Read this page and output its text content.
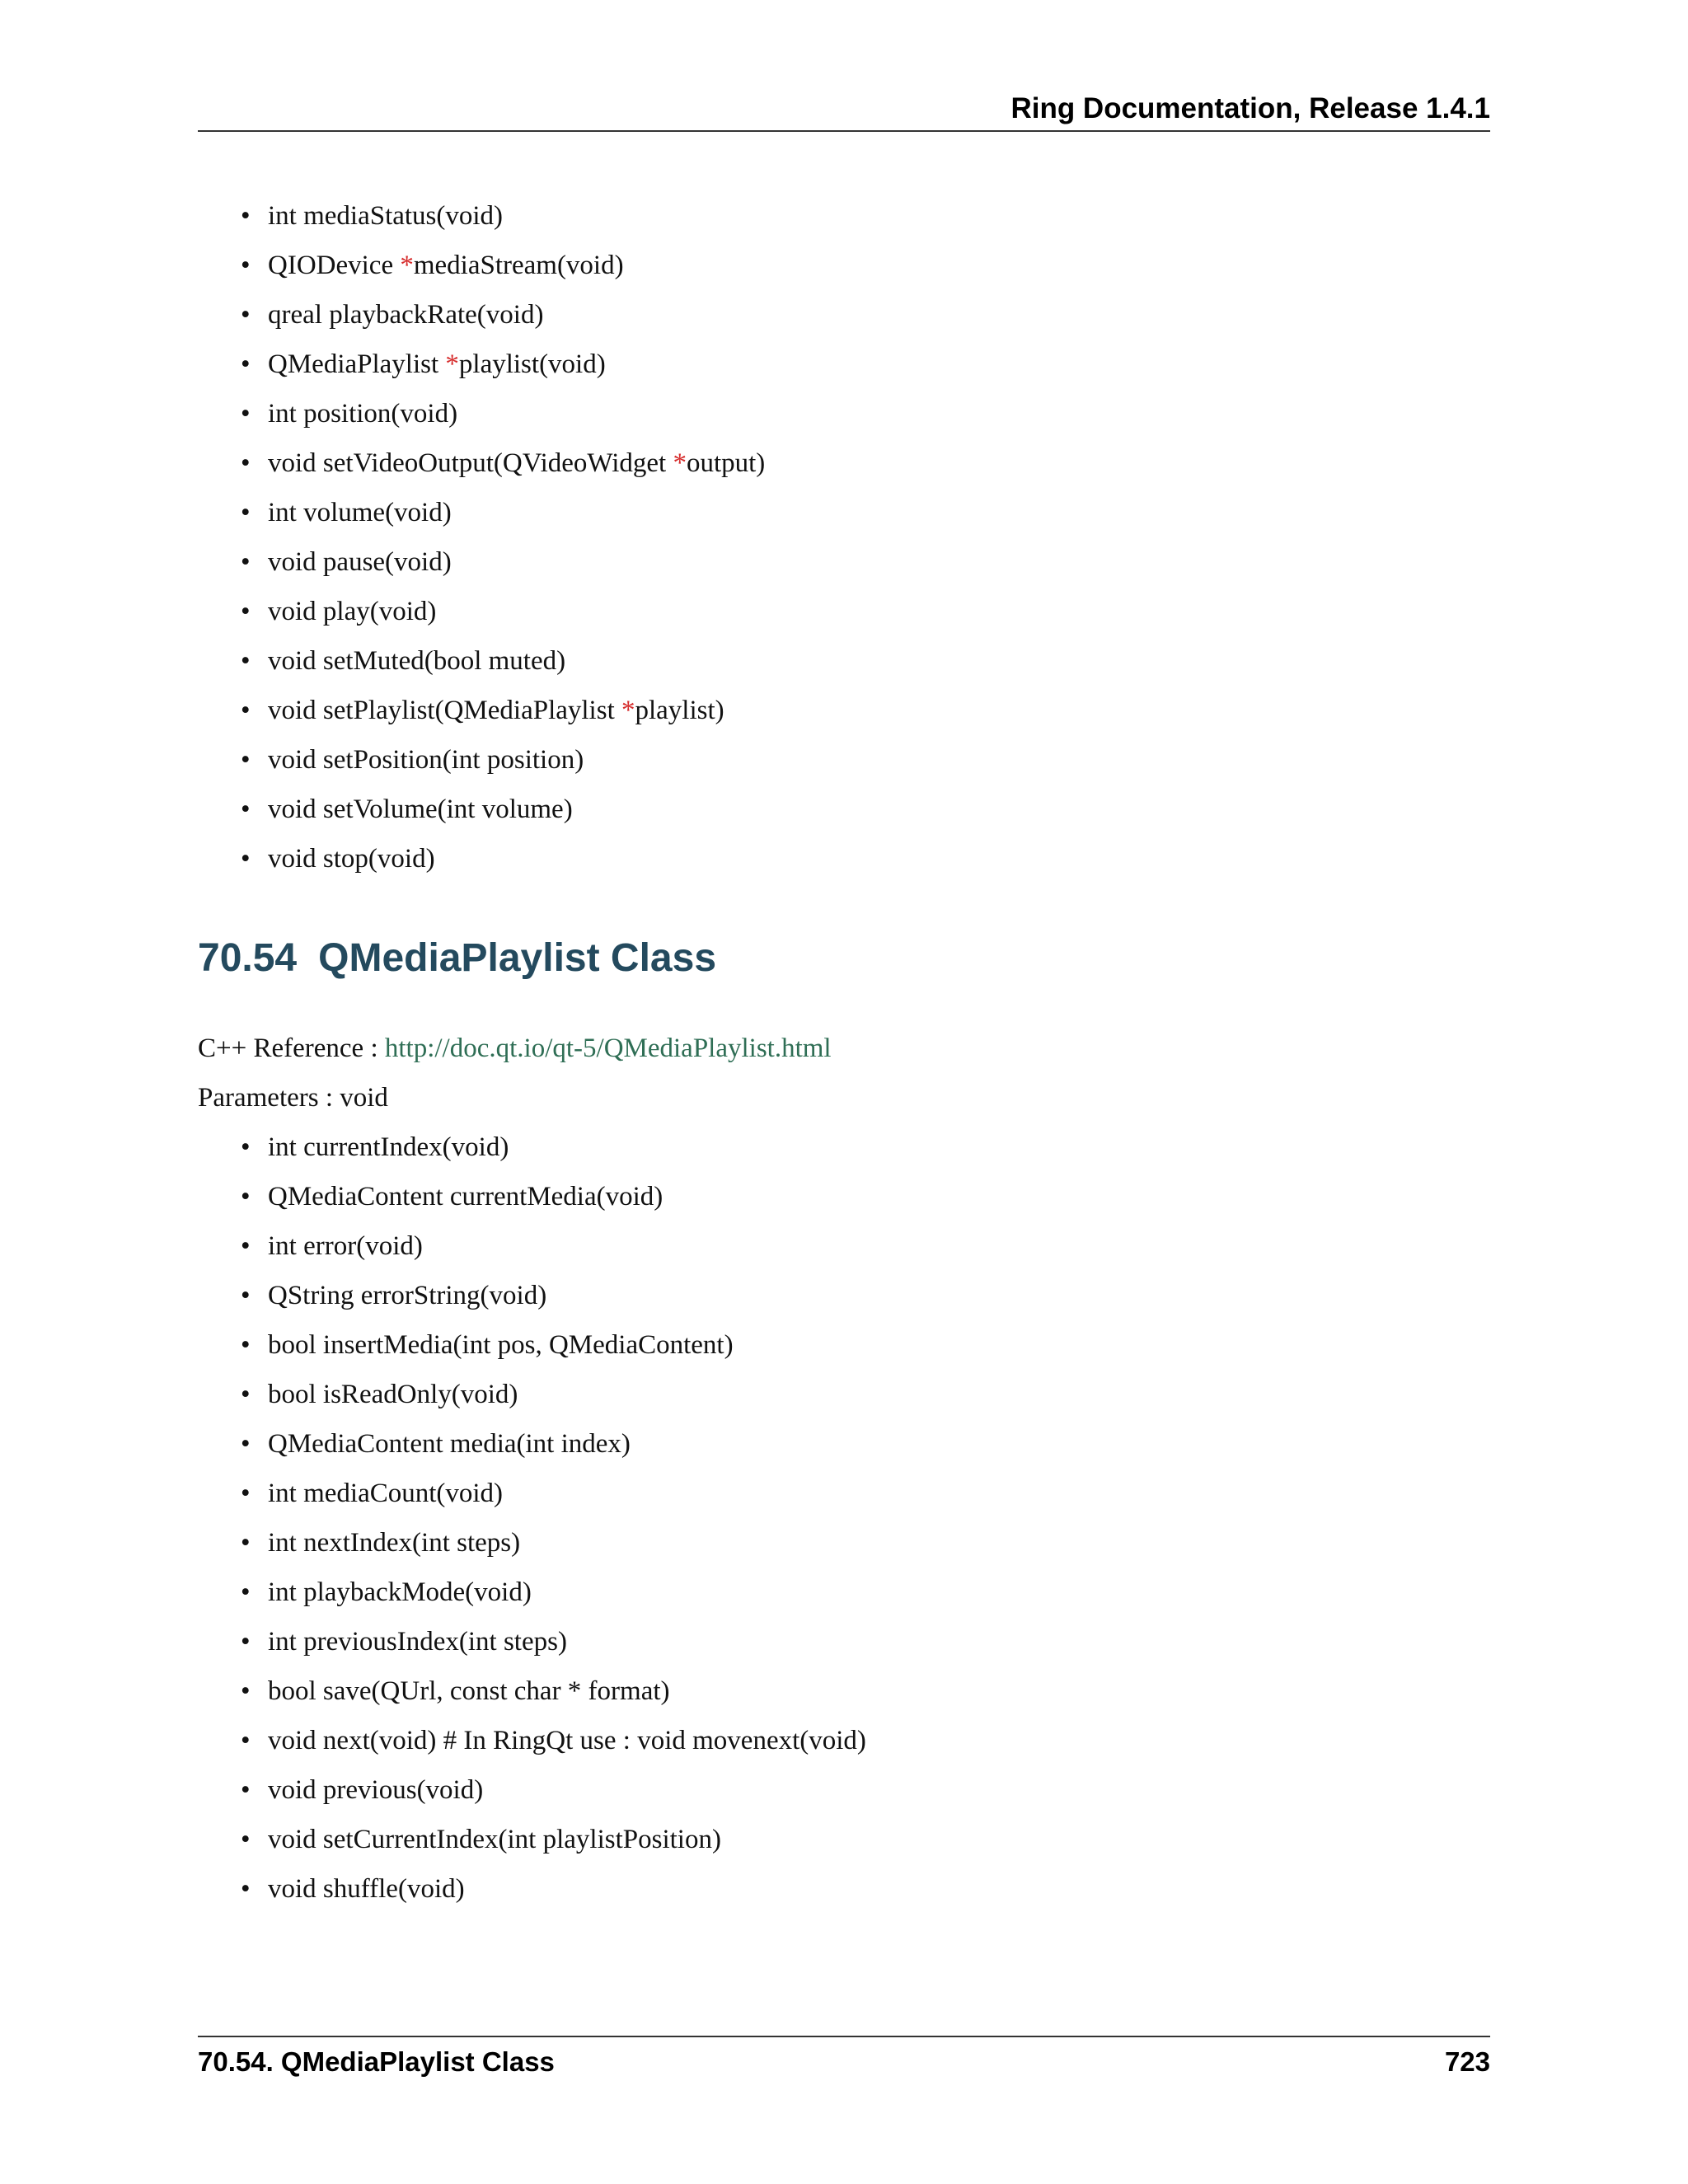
Ring Documentation, Release 1.4.1
• int mediaStatus(void)
• QIODevice *mediaStream(void)
• qreal playbackRate(void)
• QMediaPlaylist *playlist(void)
• int position(void)
• void setVideoOutput(QVideoWidget *output)
• int volume(void)
• void pause(void)
• void play(void)
• void setMuted(bool muted)
• void setPlaylist(QMediaPlaylist *playlist)
• void setPosition(int position)
• void setVolume(int volume)
• void stop(void)
70.54 QMediaPlaylist Class
C++ Reference : http://doc.qt.io/qt-5/QMediaPlaylist.html
Parameters : void
• int currentIndex(void)
• QMediaContent currentMedia(void)
• int error(void)
• QString errorString(void)
• bool insertMedia(int pos, QMediaContent)
• bool isReadOnly(void)
• QMediaContent media(int index)
• int mediaCount(void)
• int nextIndex(int steps)
• int playbackMode(void)
• int previousIndex(int steps)
• bool save(QUrl, const char * format)
• void next(void) # In RingQt use : void movenext(void)
• void previous(void)
• void setCurrentIndex(int playlistPosition)
• void shuffle(void)
70.54. QMediaPlaylist Class	723
